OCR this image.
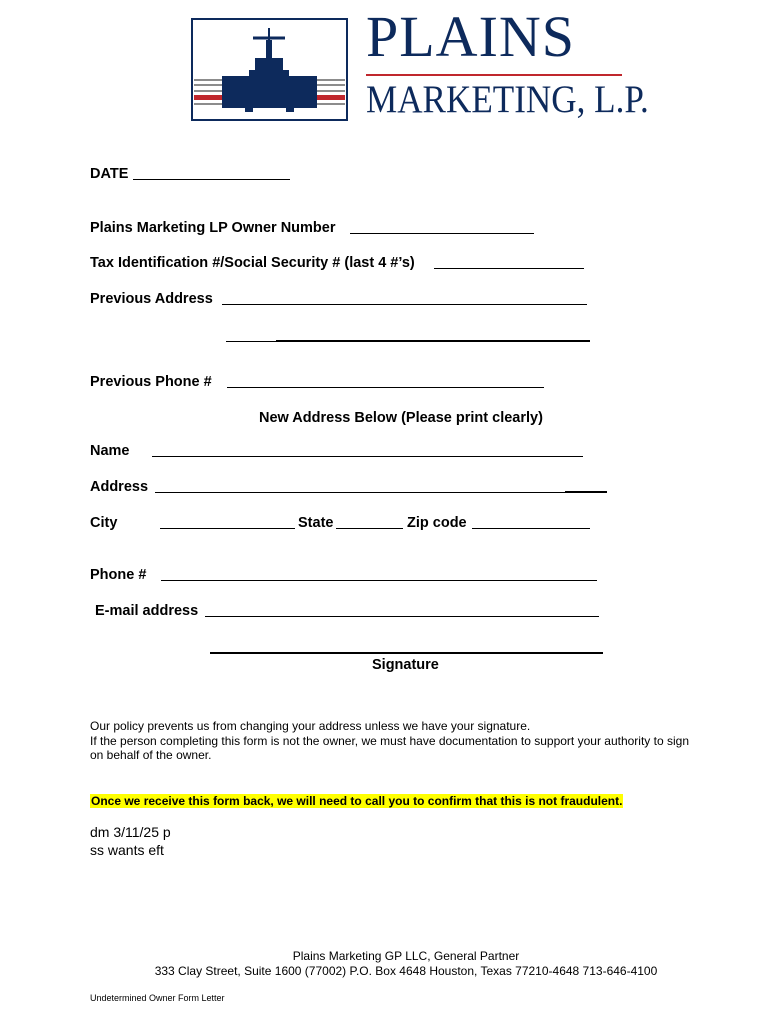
PLAINS
MARKETING, L.P.
DATE
Plains Marketing LP Owner Number
Tax Identification #/Social Security # (last 4 #’s)
Previous Address
Previous Phone #
New Address Below (Please print clearly)
Name
Address
City	State	Zip code
Phone #
E-mail address
Signature
Our policy prevents us from changing your address unless we have your signature.
If the person completing this form is not the owner, we must have documentation to support your authority to sign
on behalf of the owner.
Once we receive this form back, we will need to call you to confirm that this is not fraudulent.
dm 3/11/25 p
ss wants eft
Plains Marketing GP LLC, General Partner
333 Clay Street, Suite 1600 (77002) P.O. Box 4648 Houston, Texas 77210-4648 713-646-4100
Undetermined Owner Form Letter
